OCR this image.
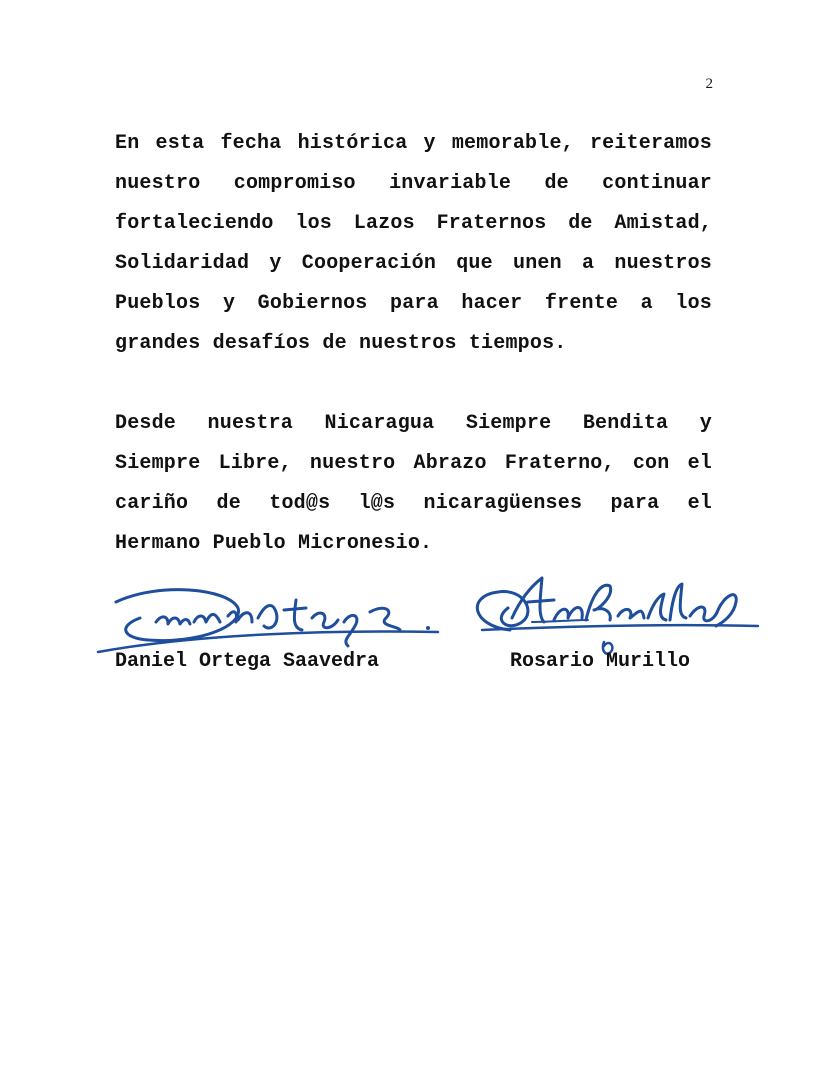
2
En esta fecha histórica y memorable, reiteramos nuestro compromiso invariable de continuar fortaleciendo los Lazos Fraternos de Amistad, Solidaridad y Cooperación que unen a nuestros Pueblos y Gobiernos para hacer frente a los grandes desafíos de nuestros tiempos.
Desde nuestra Nicaragua Siempre Bendita y Siempre Libre, nuestro Abrazo Fraterno, con el cariño de tod@s l@s nicaragüenses para el Hermano Pueblo Micronesio.
Daniel Ortega Saavedra	Rosario Murillo
